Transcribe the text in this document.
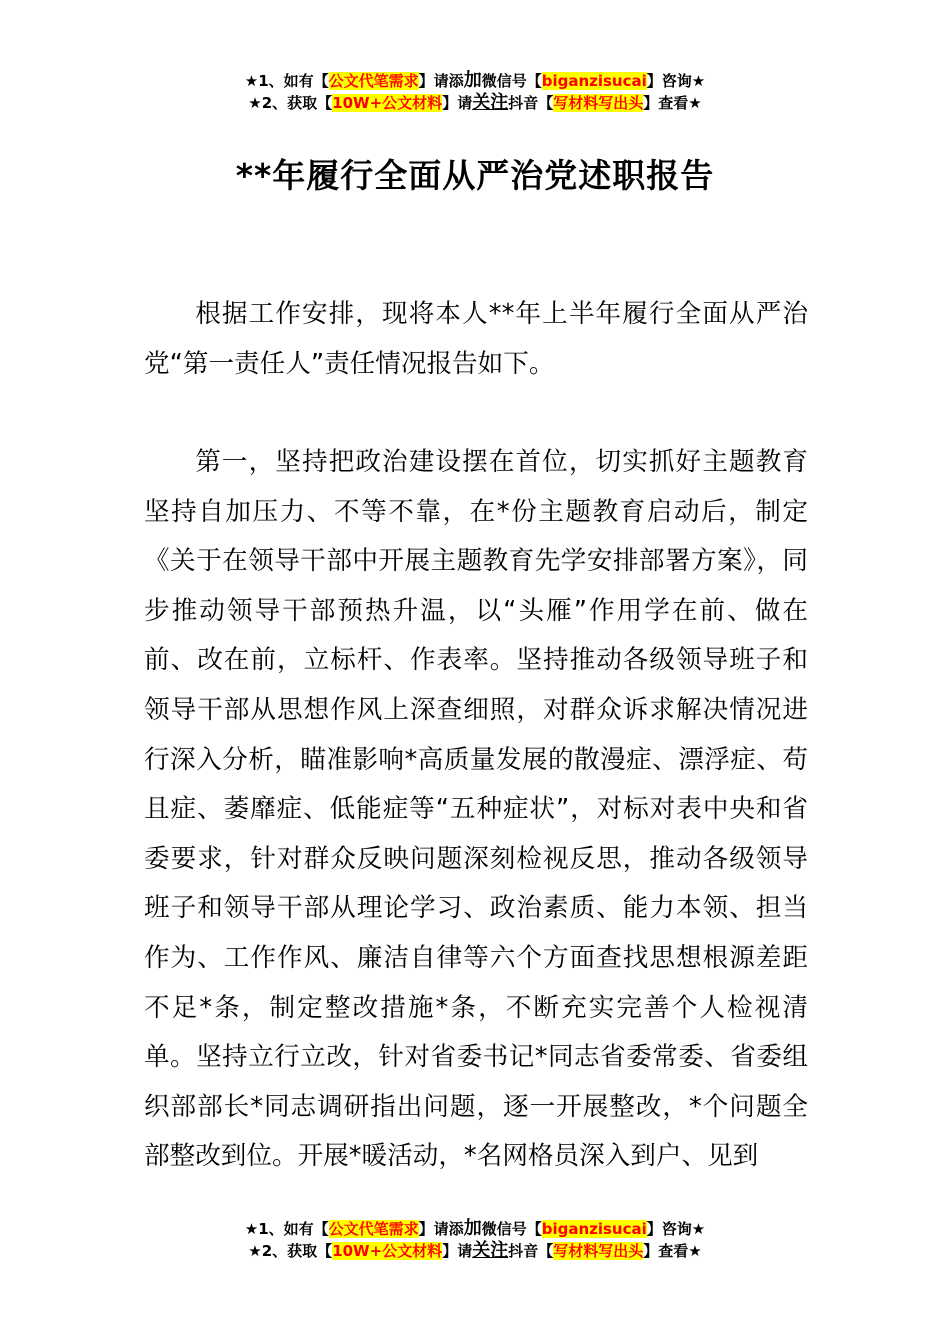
★1、如有【公文代笔需求】请添加微信号【biganzisucai】咨询★
★2、获取【10W+公文材料】请关注抖音【写材料写出头】查看★
**年履行全面从严治党述职报告

根据工作安排，现将本人**年上半年履行全面从严治党“第一责任人”责任情况报告如下。

第一，坚持把政治建设摆在首位，切实抓好主题教育坚持自加压力、不等不靠，在*份主题教育启动后，制定《关于在领导干部中开展主题教育先学安排部署方案》，同步推动领导干部预热升温，以“头雁”作用学在前、做在前、改在前，立标杆、作表率。坚持推动各级领导班子和领导干部从思想作风上深查细照，对群众诉求解决情况进行深入分析，瞄准影响*高质量发展的散漫症、漂浮症、苟且症、萎靡症、低能症等“五种症状”，对标对表中央和省委要求，针对群众反映问题深刻检视反思，推动各级领导班子和领导干部从理论学习、政治素质、能力本领、担当作为、工作作风、廉洁自律等六个方面查找思想根源差距不足*条，制定整改措施*条，不断充实完善个人检视清单。坚持立行立改，针对省委书记*同志省委常委、省委组织部部长*同志调研指出问题，逐一开展整改，*个问题全部整改到位。开展*暖活动，*名网格员深入到户、见到

★1、如有【公文代笔需求】请添加微信号【biganzisucai】咨询★
★2、获取【10W+公文材料】请关注抖音【写材料写出头】查看★
